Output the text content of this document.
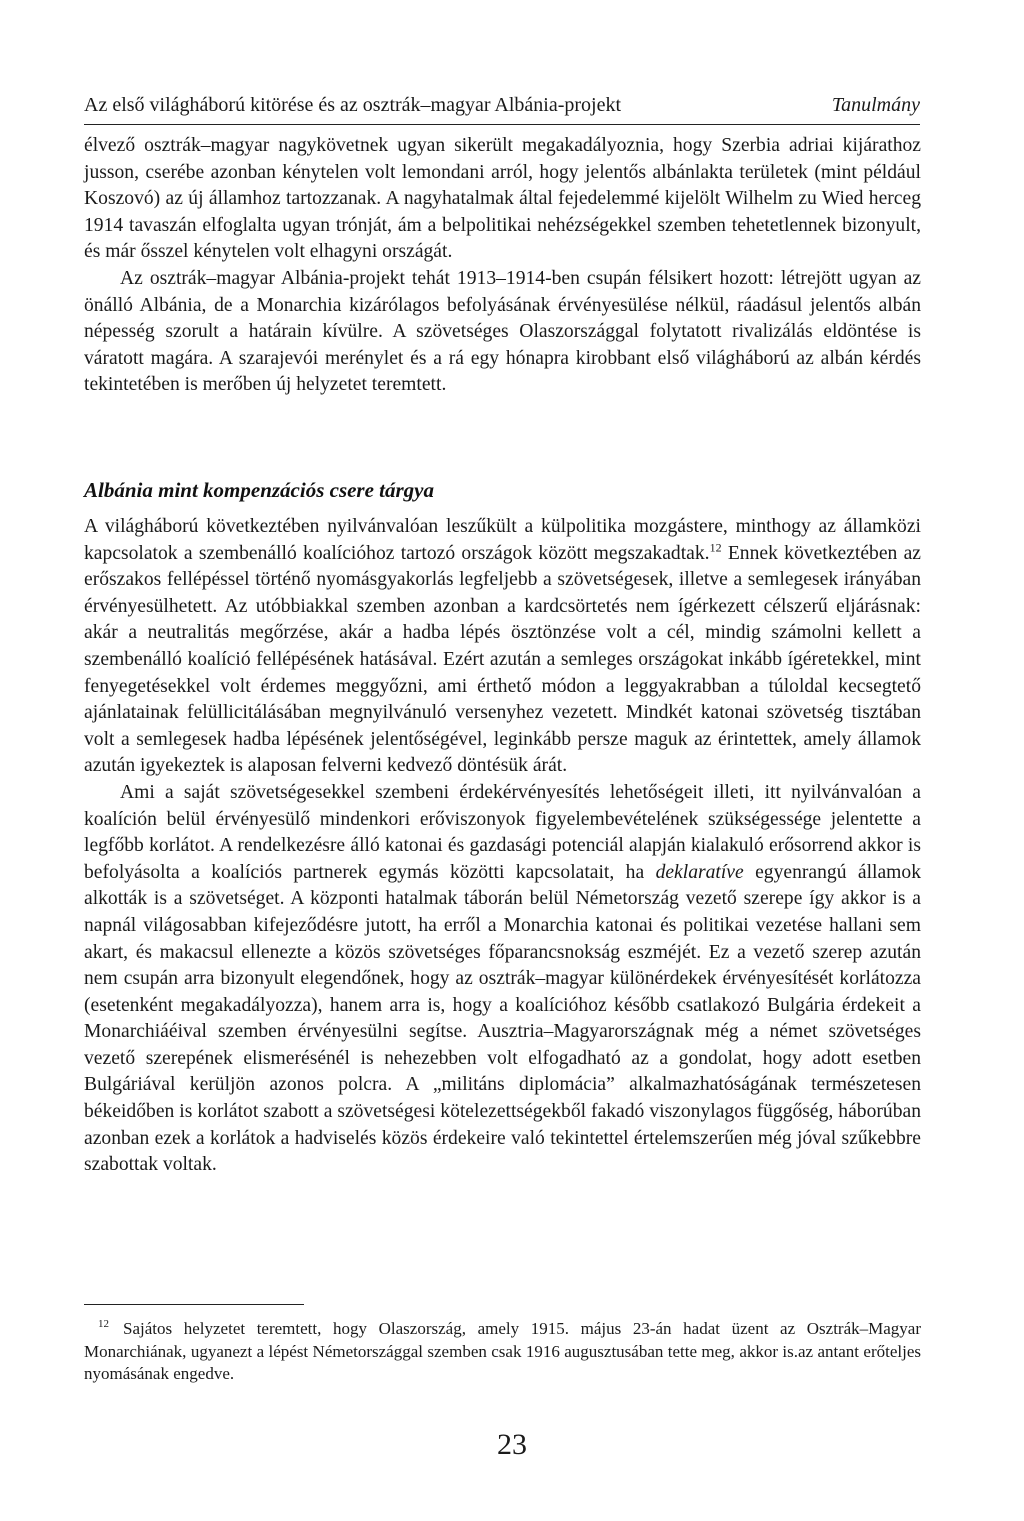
Az első világháború kitörése és az osztrák–magyar Albánia-projekt	Tanulmány

élvező osztrák–magyar nagykövetnek ugyan sikerült megakadályoznia, hogy Szerbia adriai kijárathoz jusson, cserébe azonban kénytelen volt lemondani arról, hogy jelentős albánlakta területek (mint például Koszovó) az új államhoz tartozzanak. A nagyhatalmak által fejedelemmé kijelölt Wilhelm zu Wied herceg 1914 tavaszán elfoglalta ugyan trónját, ám a belpolitikai nehézségekkel szemben tehetetlennek bizonyult, és már ősszel kénytelen volt elhagyni országát.

Az osztrák–magyar Albánia-projekt tehát 1913–1914-ben csupán félsikert hozott: létrejött ugyan az önálló Albánia, de a Monarchia kizárólagos befolyásának érvényesülése nélkül, ráadásul jelentős albán népesség szorult a határain kívülre. A szövetséges Olaszországgal folytatott rivalizálás eldöntése is váratott magára. A szarajevói merénylet és a rá egy hónapra kirobbant első világháború az albán kérdés tekintetében is merőben új helyzetet teremtett.

Albánia mint kompenzációs csere tárgya

A világháború következtében nyilvánvalóan leszűkült a külpolitika mozgástere, minthogy az államközi kapcsolatok a szembenálló koalícióhoz tartozó országok között megszakadtak.$^{12}$ Ennek következtében az erőszakos fellépéssel történő nyomásgyakorlás legfeljebb a szövetségesek, illetve a semlegesek irányában érvényesülhetett. Az utóbbiakkal szemben azonban a kardcsörtetés nem ígérkezett célszerű eljárásnak: akár a neutralitás megőrzése, akár a hadba lépés ösztönzése volt a cél, mindig számolni kellett a szembenálló koalíció fellépésének hatásával. Ezért azután a semleges országokat inkább ígéretekkel, mint fenyegetésekkel volt érdemes meggyőzni, ami érthető módon a leggyakrabban a túloldal kecsegtető ajánlatainak felüllicitálásában megnyilvánuló versenyhez vezetett. Mindkét katonai szövetség tisztában volt a semlegesek hadba lépésének jelentőségével, leginkább persze maguk az érintettek, amely államok azután igyekeztek is alaposan felverni kedvező döntésük árát.

Ami a saját szövetségesekkel szembeni érdekérvényesítés lehetőségeit illeti, itt nyilvánvalóan a koalíción belül érvényesülő mindenkori erőviszonyok figyelembevételének szükségessége jelentette a legfőbb korlátot. A rendelkezésre álló katonai és gazdasági potenciál alapján kialakuló erősorrend akkor is befolyásolta a koalíciós partnerek egymás közötti kapcsolatait, ha deklaratíve egyenrangú államok alkották is a szövetséget. A központi hatalmak táborán belül Németország vezető szerepe így akkor is a napnál világosabban kifejeződésre jutott, ha erről a Monarchia katonai és politikai vezetése hallani sem akart, és makacsul ellenezte a közös szövetséges főparancsnokság eszméjét. Ez a vezető szerep azután nem csupán arra bizonyult elegendőnek, hogy az osztrák–magyar különérdekek érvényesítését korlátozza (esetenként megakadályozza), hanem arra is, hogy a koalícióhoz később csatlakozó Bulgária érdekeit a Monarchiáéival szemben érvényesülni segítse. Ausztria–Magyarországnak még a német szövetséges vezető szerepének elismerésénél is nehezebben volt elfogadható az a gondolat, hogy adott esetben Bulgáriával kerüljön azonos polcra. A „militáns diplomácia” alkalmazhatóságának természetesen békeidőben is korlátot szabott a szövetségesi kötelezettségekből fakadó viszonylagos függőség, háborúban azonban ezek a korlátok a hadviselés közös érdekeire való tekintettel értelemszerűen még jóval szűkebbre szabottak voltak.

$^{12}$ Sajátos helyzetet teremtett, hogy Olaszország, amely 1915. május 23-án hadat üzent az Osztrák–Magyar Monarchiának, ugyanezt a lépést Németországgal szemben csak 1916 augusztusában tette meg, akkor is.az antant erőteljes nyomásának engedve.
23
